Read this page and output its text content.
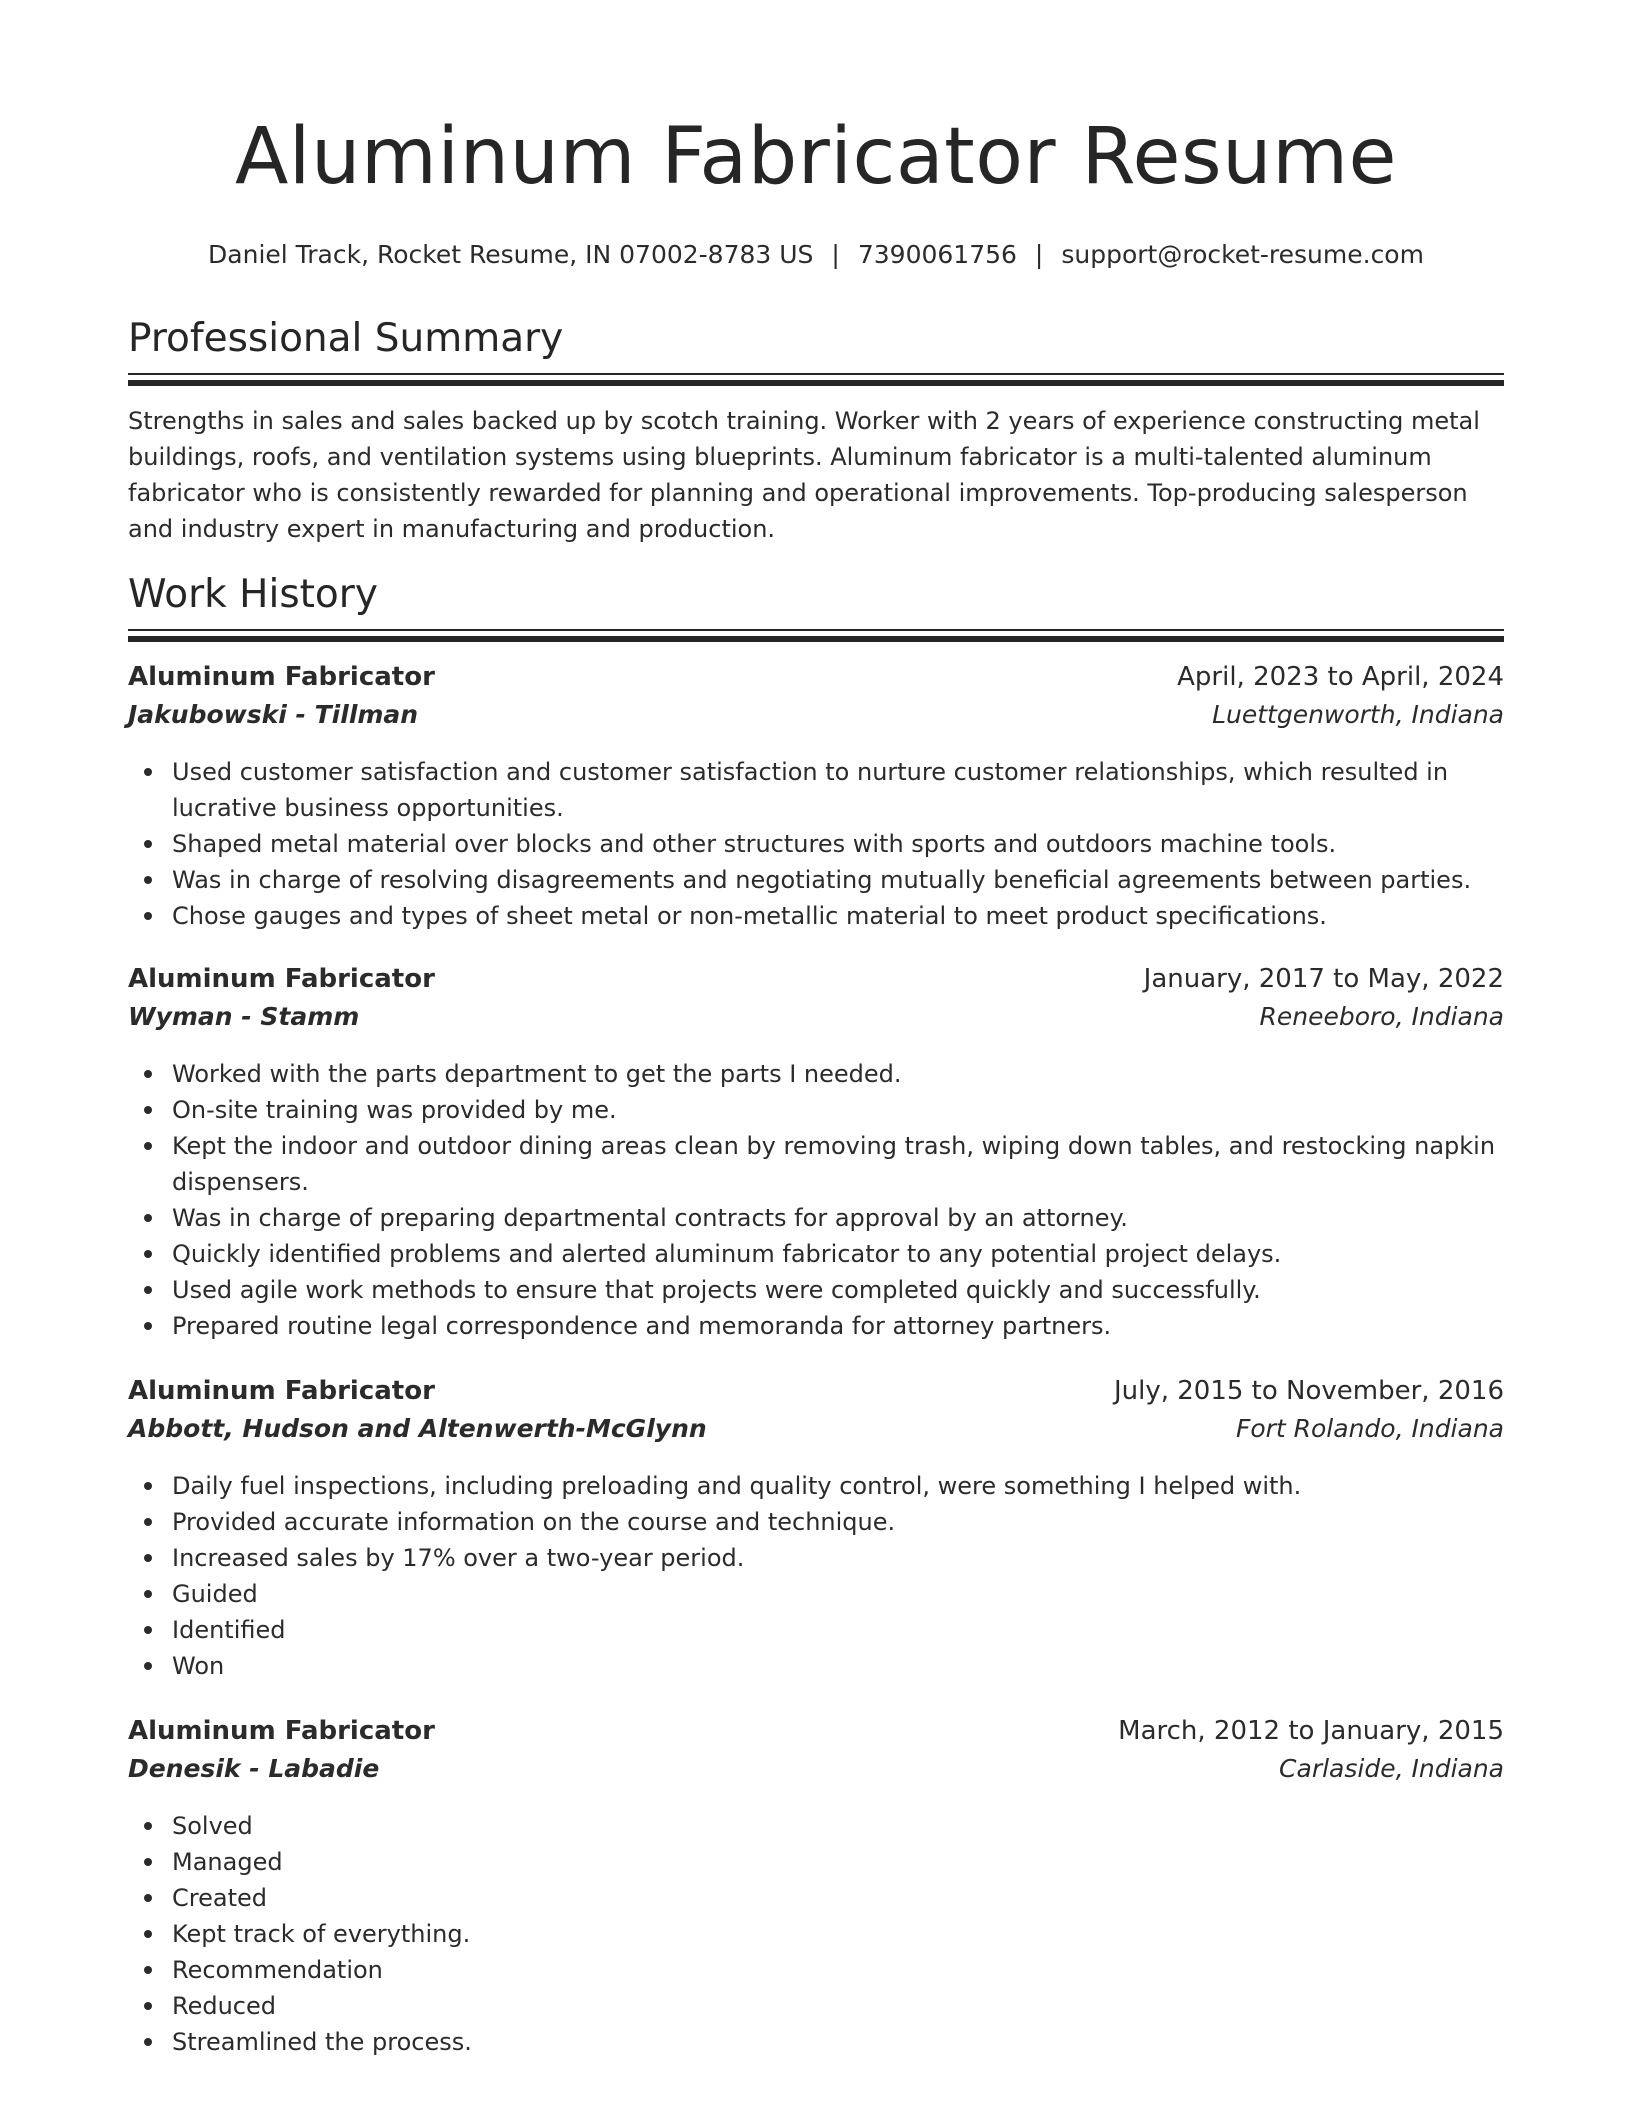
Aluminum Fabricator Resume
Daniel Track, Rocket Resume, IN 07002-8783 US | 7390061756 | support@rocket-resume.com
Professional Summary

Strengths in sales and sales backed up by scotch training. Worker with 2 years of experience constructing metal buildings, roofs, and ventilation systems using blueprints. Aluminum fabricator is a multi-talented aluminum fabricator who is consistently rewarded for planning and operational improvements. Top-producing salesperson and industry expert in manufacturing and production.

Work History
Aluminum Fabricator	April, 2023 to April, 2024
Jakubowski - Tillman	Luettgenworth, Indiana
Used customer satisfaction and customer satisfaction to nurture customer relationships, which resulted in lucrative business opportunities.
Shaped metal material over blocks and other structures with sports and outdoors machine tools.
Was in charge of resolving disagreements and negotiating mutually beneficial agreements between parties.
Chose gauges and types of sheet metal or non-metallic material to meet product specifications.
Aluminum Fabricator	January, 2017 to May, 2022
Wyman - Stamm	Reneeboro, Indiana
Worked with the parts department to get the parts I needed.
On-site training was provided by me.
Kept the indoor and outdoor dining areas clean by removing trash, wiping down tables, and restocking napkin dispensers.
Was in charge of preparing departmental contracts for approval by an attorney.
Quickly identified problems and alerted aluminum fabricator to any potential project delays.
Used agile work methods to ensure that projects were completed quickly and successfully.
Prepared routine legal correspondence and memoranda for attorney partners.
Aluminum Fabricator	July, 2015 to November, 2016
Abbott, Hudson and Altenwerth-McGlynn	Fort Rolando, Indiana
Daily fuel inspections, including preloading and quality control, were something I helped with.
Provided accurate information on the course and technique.
Increased sales by 17% over a two-year period.
Guided
Identified
Won
Aluminum Fabricator	March, 2012 to January, 2015
Denesik - Labadie	Carlaside, Indiana
Solved
Managed
Created
Kept track of everything.
Recommendation
Reduced
Streamlined the process.
